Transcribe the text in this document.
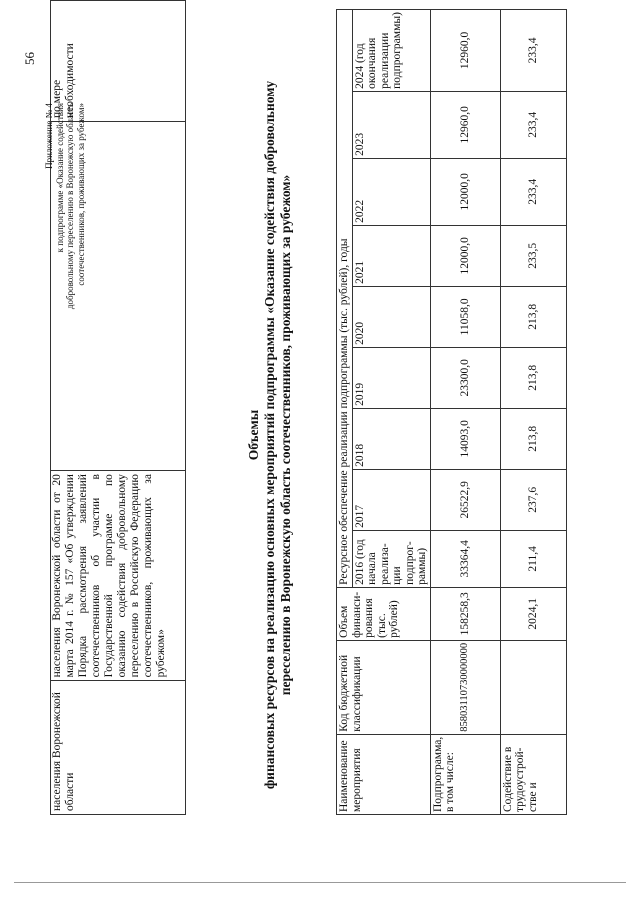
56
населения Воронежской области	населения Воронежской области от 20 марта 2014 г. № 157 «Об утверждении Порядка рассмотрения заявлений соотечественников об участии в Государственной программе по оказанию содействия добровольному переселению в Российскую Федерацию соотечественников, проживающих за рубежом»		по мере необходимости
Приложение № 4 к подпрограмме «Оказание содействия добровольному переселению в Воронежскую область соотечественников, проживающих за рубежом»
Объемы финансовых ресурсов на реализацию основных мероприятий подпрограммы «Оказание содействия добровольному переселению в Воронежскую область соотечественников, проживающих за рубежом»
Наименование мероприятия	Код бюджетной классификации	Объем финанси-рования (тыс. рублей)	Ресурсное обеспечение реализации подпрограммы (тыс. рублей), годы								
			2016 (год начала реализа-ции подпрог-раммы)	2017	2018	2019	2020	2021	2022	2023	2024 (год окончания реализации подпрограммы)
Подпрограмма, в том числе:	85803110730000000	158258,3	33364,4	26522,9	14093,0	23300,0	11058,0	12000,0	12000,0	12960,0	12960,0
Содействие в трудоустрой-стве и		2024,1	211,4	237,6	213,8	213,8	213,8	233,5	233,4	233,4	233,4
